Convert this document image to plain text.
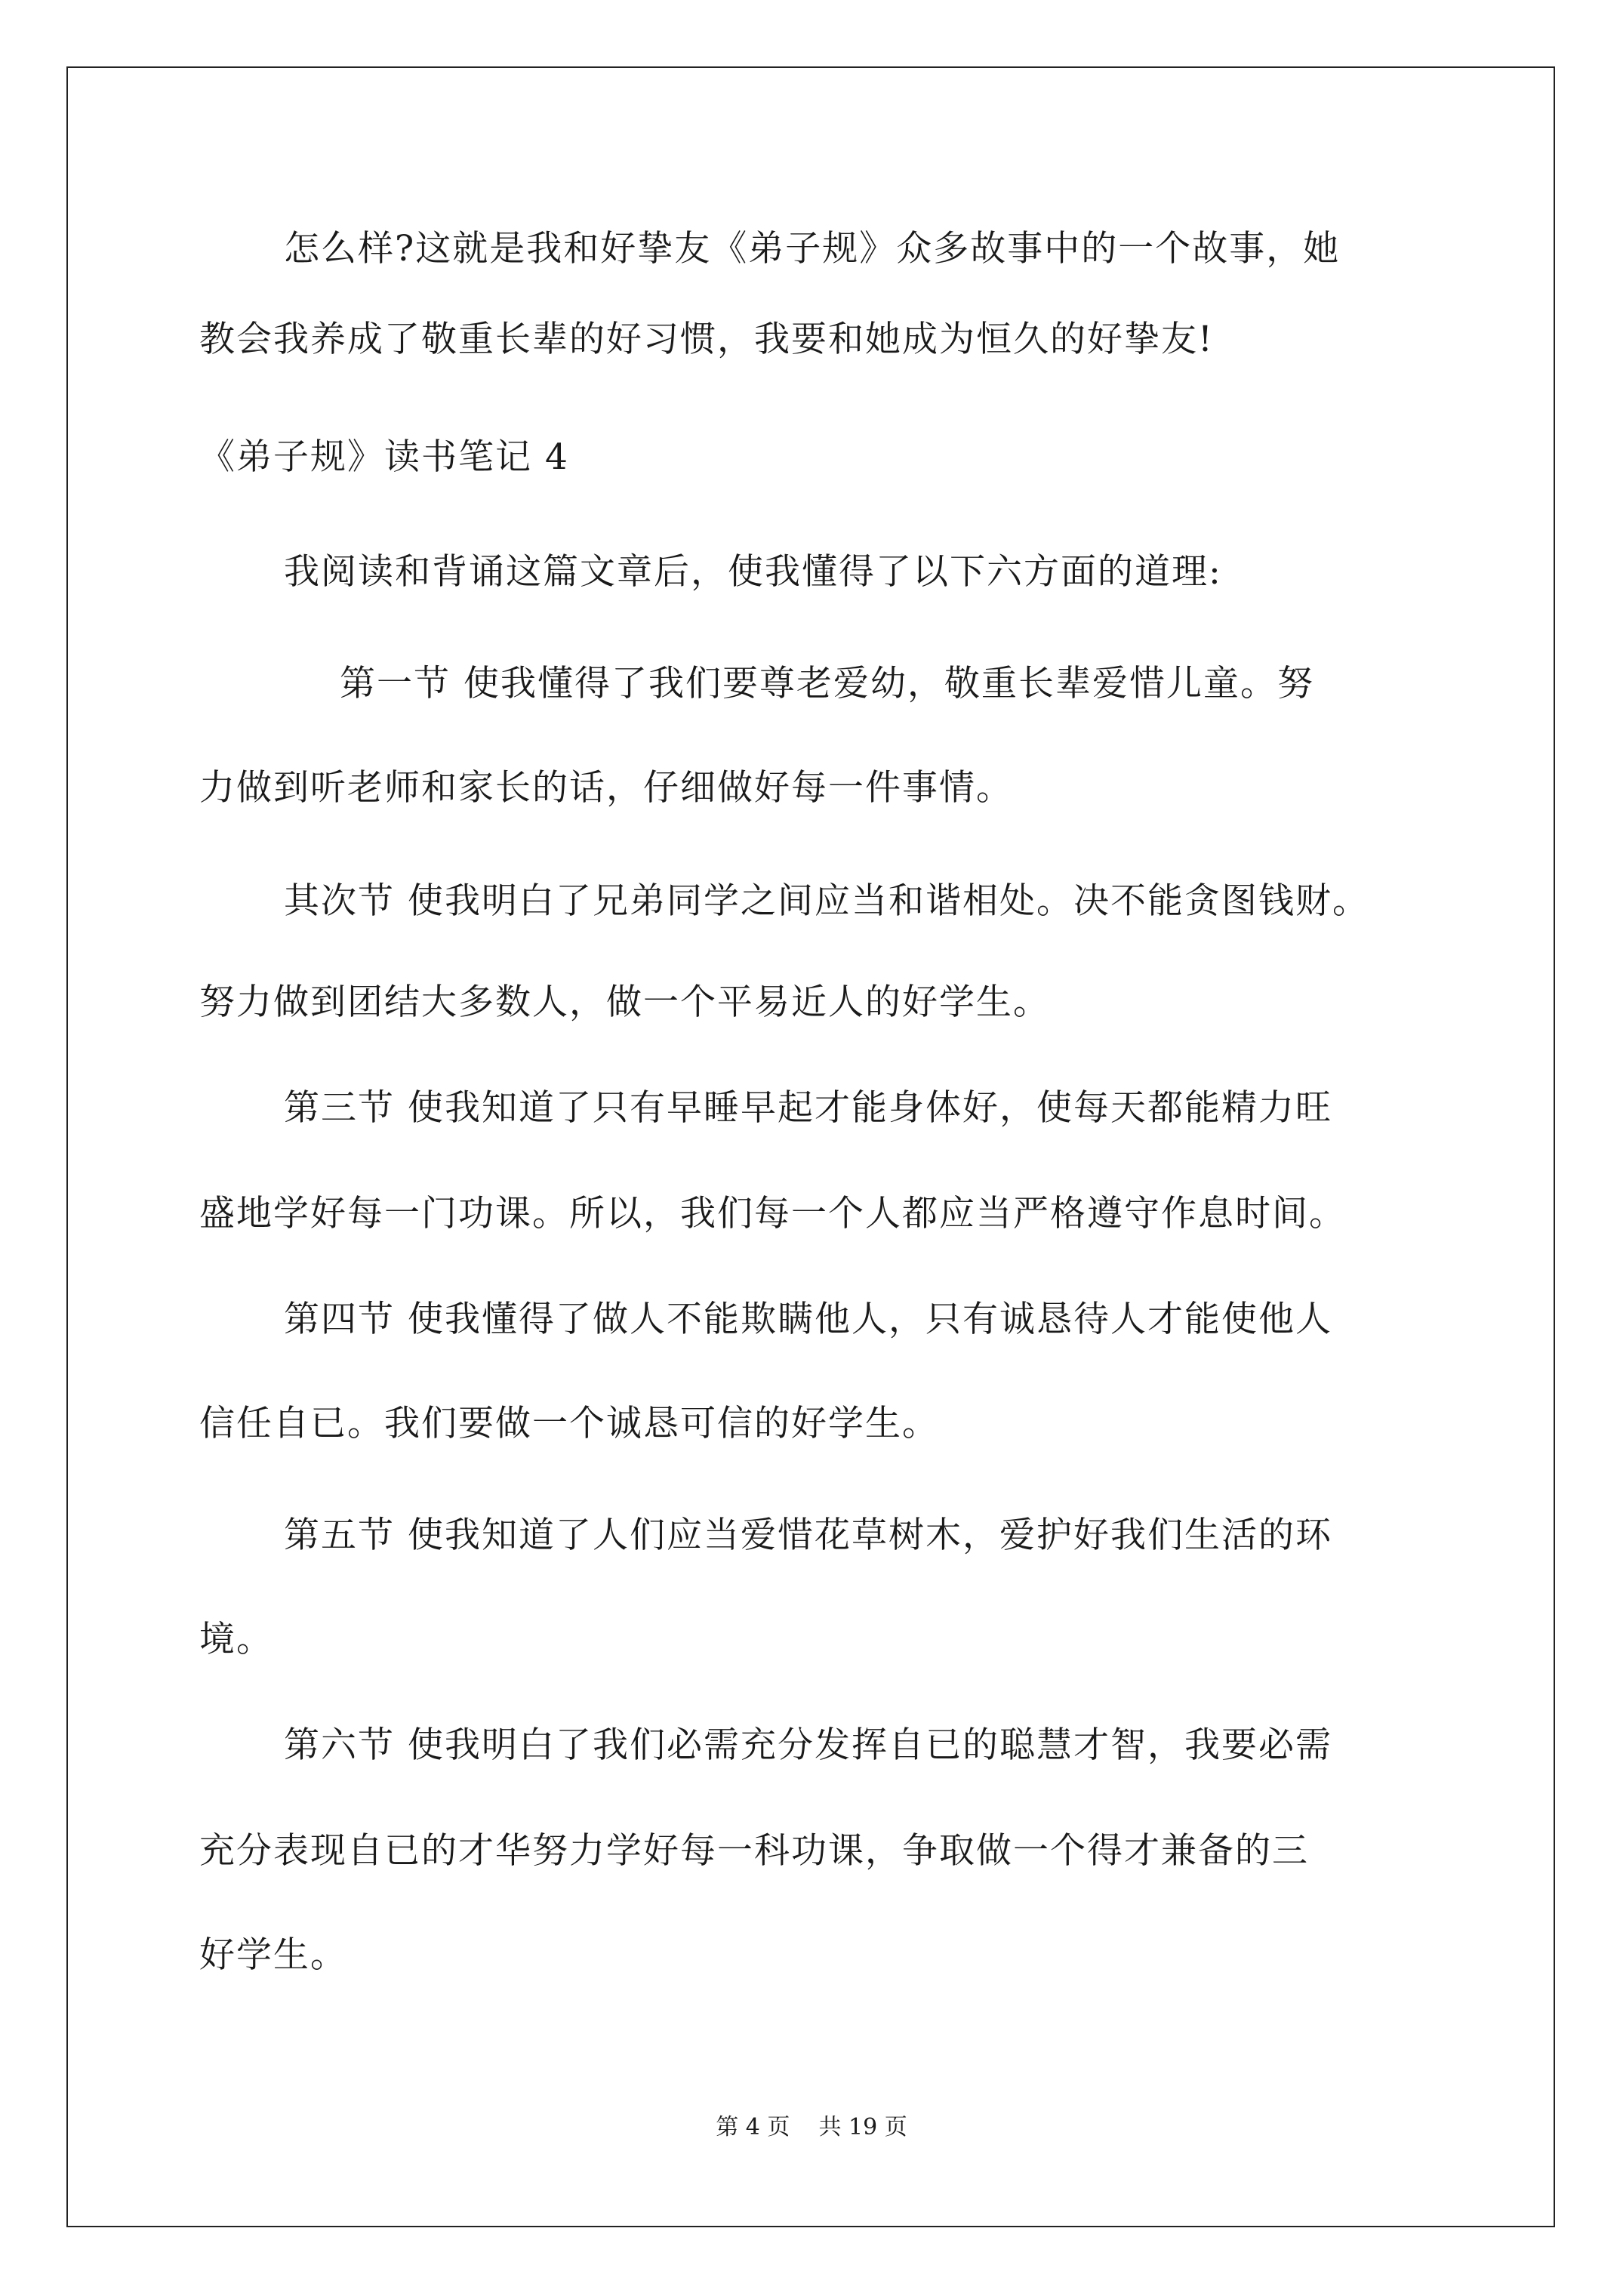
怎么样?这就是我和好挚友《弟子规》众多故事中的一个故事，她
教会我养成了敬重长辈的好习惯，我要和她成为恒久的好挚友!
《弟子规》读书笔记 4
我阅读和背诵这篇文章后，使我懂得了以下六方面的道理:
第一节 使我懂得了我们要尊老爱幼，敬重长辈爱惜儿童。努
力做到听老师和家长的话，仔细做好每一件事情。
其次节 使我明白了兄弟同学之间应当和谐相处。决不能贪图钱财。
努力做到团结大多数人，做一个平易近人的好学生。
第三节 使我知道了只有早睡早起才能身体好，使每天都能精力旺
盛地学好每一门功课。所以，我们每一个人都应当严格遵守作息时间。
第四节 使我懂得了做人不能欺瞒他人，只有诚恳待人才能使他人
信任自已。我们要做一个诚恳可信的好学生。
第五节 使我知道了人们应当爱惜花草树木，爱护好我们生活的环
境。
第六节 使我明白了我们必需充分发挥自已的聪慧才智，我要必需
充分表现自已的才华努力学好每一科功课，争取做一个得才兼备的三
好学生。
第 4 页    共 19 页
